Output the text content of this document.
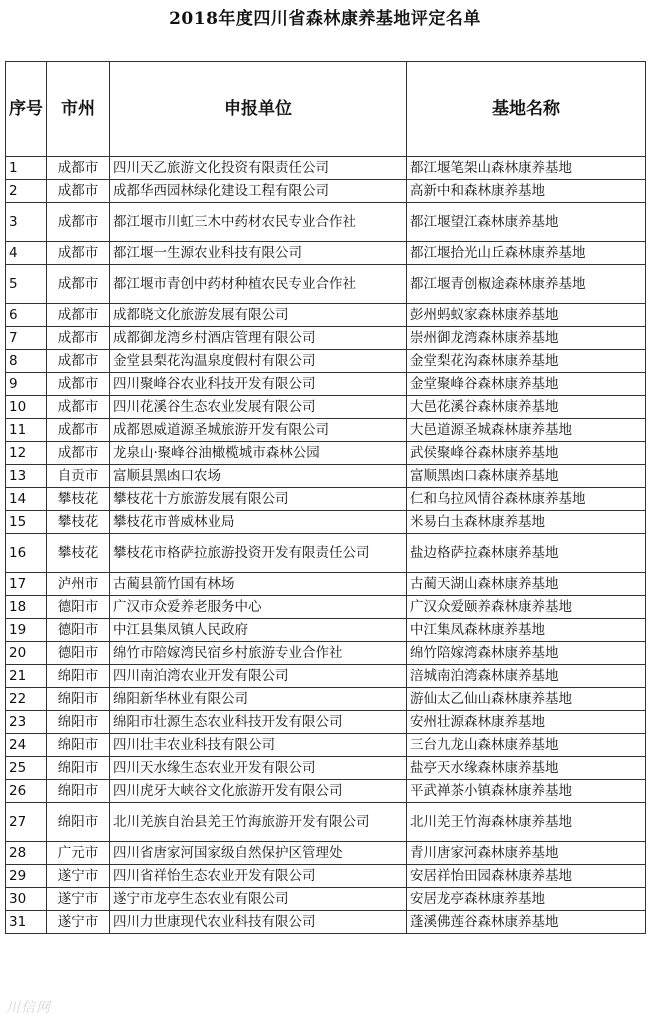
2018年度四川省森林康养基地评定名单
序号	市州	申报单位	基地名称
1	成都市	四川天乙旅游文化投资有限责任公司	都江堰笔架山森林康养基地
2	成都市	成都华西园林绿化建设工程有限公司	高新中和森林康养基地
3	成都市	都江堰市川虹三木中药材农民专业合作社	都江堰望江森林康养基地
4	成都市	都江堰一生源农业科技有限公司	都江堰拾光山丘森林康养基地
5	成都市	都江堰市青创中药材种植农民专业合作社	都江堰青创椒途森林康养基地
6	成都市	成都晓文化旅游发展有限公司	彭州蚂蚁家森林康养基地
7	成都市	成都御龙湾乡村酒店管理有限公司	崇州御龙湾森林康养基地
8	成都市	金堂县梨花沟温泉度假村有限公司	金堂梨花沟森林康养基地
9	成都市	四川聚峰谷农业科技开发有限公司	金堂聚峰谷森林康养基地
10	成都市	四川花溪谷生态农业发展有限公司	大邑花溪谷森林康养基地
11	成都市	成都恩威道源圣城旅游开发有限公司	大邑道源圣城森林康养基地
12	成都市	龙泉山·聚峰谷油橄榄城市森林公园	武侯聚峰谷森林康养基地
13	自贡市	富顺县黑凼口农场	富顺黑凼口森林康养基地
14	攀枝花	攀枝花十方旅游发展有限公司	仁和乌拉风情谷森林康养基地
15	攀枝花	攀枝花市普威林业局	米易白圡森林康养基地
16	攀枝花	攀枝花市格萨拉旅游投资开发有限责任公司	盐边格萨拉森林康养基地
17	泸州市	古蔺县箭竹国有林场	古蔺天湖山森林康养基地
18	德阳市	广汉市众爱养老服务中心	广汉众爱颐养森林康养基地
19	德阳市	中江县集凤镇人民政府	中江集凤森林康养基地
20	德阳市	绵竹市陪嫁湾民宿乡村旅游专业合作社	绵竹陪嫁湾森林康养基地
21	绵阳市	四川南泊湾农业开发有限公司	涪城南泊湾森林康养基地
22	绵阳市	绵阳新华林业有限公司	游仙太乙仙山森林康养基地
23	绵阳市	绵阳市壮源生态农业科技开发有限公司	安州壮源森林康养基地
24	绵阳市	四川壮丰农业科技有限公司	三台九龙山森林康养基地
25	绵阳市	四川天水缘生态农业开发有限公司	盐亭天水缘森林康养基地
26	绵阳市	四川虎牙大峡谷文化旅游开发有限公司	平武禅茶小镇森林康养基地
27	绵阳市	北川羌族自治县羌王竹海旅游开发有限公司	北川羌王竹海森林康养基地
28	广元市	四川省唐家河国家级自然保护区管理处	青川唐家河森林康养基地
29	遂宁市	四川省祥怡生态农业开发有限公司	安居祥怡田园森林康养基地
30	遂宁市	遂宁市龙亭生态农业有限公司	安居龙亭森林康养基地
31	遂宁市	四川力世康现代农业科技有限公司	蓬溪佛莲谷森林康养基地
川信网
